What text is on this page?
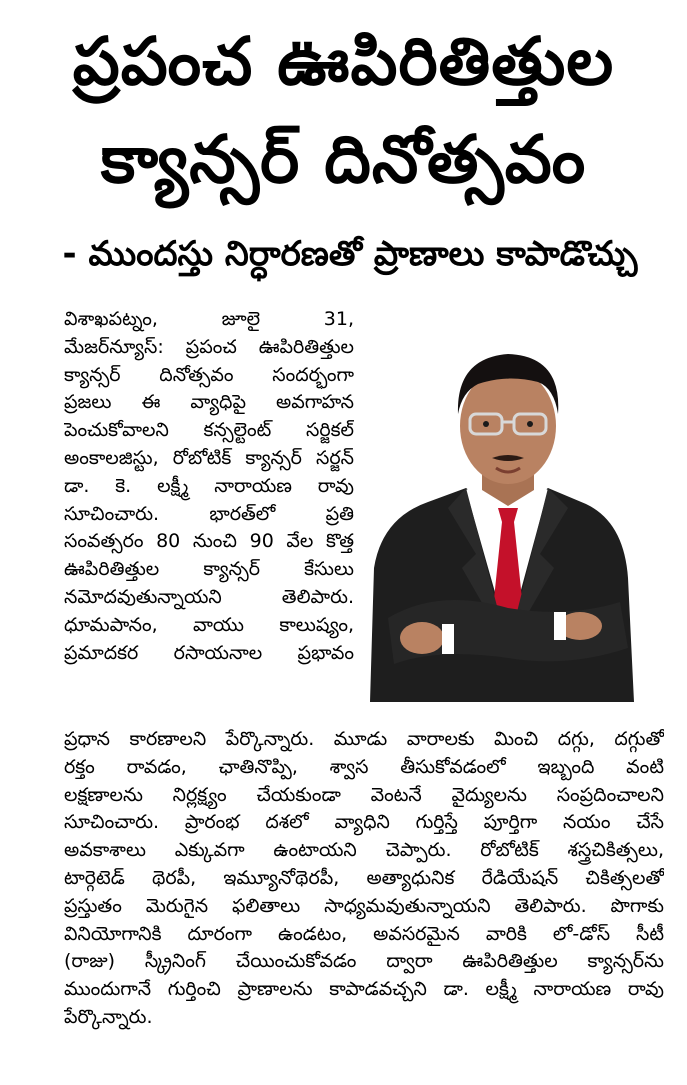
ప్రపంచ ఊపిరితిత్తుల
క్యాన్సర్ దినోత్సవం
- ముందస్తు నిర్ధారణతో ప్రాణాలు కాపాడొచ్చు
విశాఖపట్నం, జూలై 31,
మేజర్‌న్యూస్: ప్రపంచ ఊపిరితిత్తుల
క్యాన్సర్ దినోత్సవం సందర్భంగా
ప్రజలు ఈ వ్యాధిపై అవగాహన
పెంచుకోవాలని కన్సల్టెంట్ సర్జికల్
అంకాలజిస్టు, రోబోటిక్ క్యాన్సర్ సర్జన్
డా. కె. లక్ష్మీ నారాయణ రావు
సూచించారు. భారత్‌లో ప్రతి
సంవత్సరం 80 నుంచి 90 వేల కొత్త
ఊపిరితిత్తుల క్యాన్సర్ కేసులు
నమోదవుతున్నాయని తెలిపారు.
ధూమపానం, వాయు కాలుష్యం,
ప్రమాదకర రసాయనాల ప్రభావం
ప్రధాన కారణాలని పేర్కొన్నారు. మూడు వారాలకు మించి దగ్గు, దగ్గుతో
రక్తం రావడం, ఛాతినొప్పి, శ్వాస తీసుకోవడంలో ఇబ్బంది వంటి
లక్షణాలను నిర్లక్ష్యం చేయకుండా వెంటనే వైద్యులను సంప్రదించాలని
సూచించారు. ప్రారంభ దశలో వ్యాధిని గుర్తిస్తే పూర్తిగా నయం చేసే
అవకాశాలు ఎక్కువగా ఉంటాయని చెప్పారు. రోబోటిక్ శస్త్రచికిత్సలు,
టార్గెటెడ్ థెరపీ, ఇమ్యూనోథెరపీ, అత్యాధునిక రేడియేషన్ చికిత్సలతో
ప్రస్తుతం మెరుగైన ఫలితాలు సాధ్యమవుతున్నాయని తెలిపారు. పొగాకు
వినియోగానికి దూరంగా ఉండటం, అవసరమైన వారికి లో-డోస్ సీటీ
(రాజు) స్క్రీనింగ్ చేయించుకోవడం ద్వారా ఊపిరితిత్తుల క్యాన్సర్‌ను
ముందుగానే గుర్తించి ప్రాణాలను కాపాడవచ్చని డా. లక్ష్మీ నారాయణ రావు
పేర్కొన్నారు.
